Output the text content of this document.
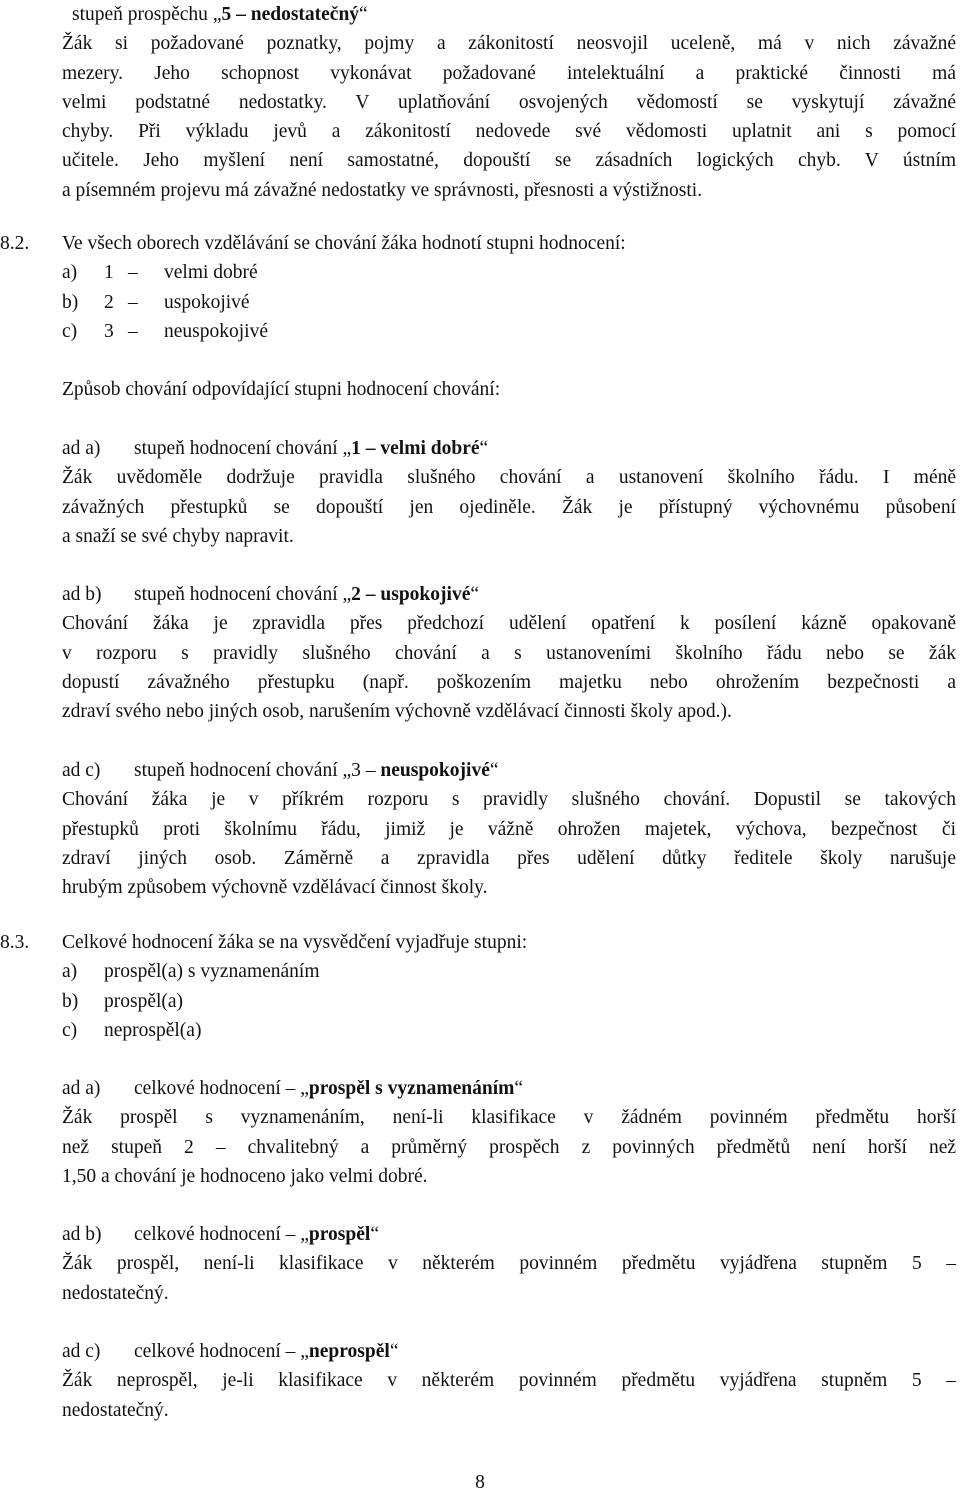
stupeň prospěchu „5 – nedostatečný“
Žák si požadované poznatky, pojmy a zákonitostí neosvojil uceleně, má v nich závažné
mezery. Jeho schopnost vykonávat požadované intelektuální a praktické činnosti má
velmi podstatné nedostatky. V uplatňování osvojených vědomostí se vyskytují závažné
chyby. Při výkladu jevů a zákonitostí nedovede své vědomosti uplatnit ani s pomocí
učitele. Jeho myšlení není samostatné, dopouští se zásadních logických chyb. V ústním
a písemném projevu má závažné nedostatky ve správnosti, přesnosti a výstižnosti.
8.2. Ve všech oborech vzdělávání se chování žáka hodnotí stupni hodnocení:
a) 1 – velmi dobré
b) 2 – uspokojivé
c) 3 – neuspokojivé
Způsob chování odpovídající stupni hodnocení chování:
ad a) stupeň hodnocení chování „1 – velmi dobré“
Žák uvědoměle dodržuje pravidla slušného chování a ustanovení školního řádu. I méně
závažných přestupků se dopouští jen ojediněle. Žák je přístupný výchovnému působení
a snaží se své chyby napravit.
ad b) stupeň hodnocení chování „2 – uspokojivé“
Chování žáka je zpravidla přes předchozí udělení opatření k posílení kázně opakovaně
v rozporu s pravidly slušného chování a s ustanoveními školního řádu nebo se žák
dopustí závažného přestupku (např. poškozením majetku nebo ohrožením bezpečnosti a
zdraví svého nebo jiných osob, narušením výchovně vzdělávací činnosti školy apod.).
ad c) stupeň hodnocení chování „3 – neuspokojivé“
Chování žáka je v příkrém rozporu s pravidly slušného chování. Dopustil se takových
přestupků proti školnímu řádu, jimiž je vážně ohrožen majetek, výchova, bezpečnost či
zdraví jiných osob. Záměrně a zpravidla přes udělení důtky ředitele školy narušuje
hrubým způsobem výchovně vzdělávací činnost školy.
8.3. Celkové hodnocení žáka se na vysvědčení vyjadřuje stupni:
a) prospěl(a) s vyznamenáním
b) prospěl(a)
c) neprospěl(a)
ad a) celkové hodnocení – „prospěl s vyznamenáním“
Žák prospěl s vyznamenáním, není-li klasifikace v žádném povinném předmětu horší
než stupeň 2 – chvalitebný a průměrný prospěch z povinných předmětů není horší než
1,50 a chování je hodnoceno jako velmi dobré.
ad b) celkové hodnocení – „prospěl“
Žák prospěl, není-li klasifikace v některém povinném předmětu vyjádřena stupněm 5 –
nedostatečný.
ad c) celkové hodnocení – „neprospěl“
Žák neprospěl, je-li klasifikace v některém povinném předmětu vyjádřena stupněm 5 –
nedostatečný.
8
